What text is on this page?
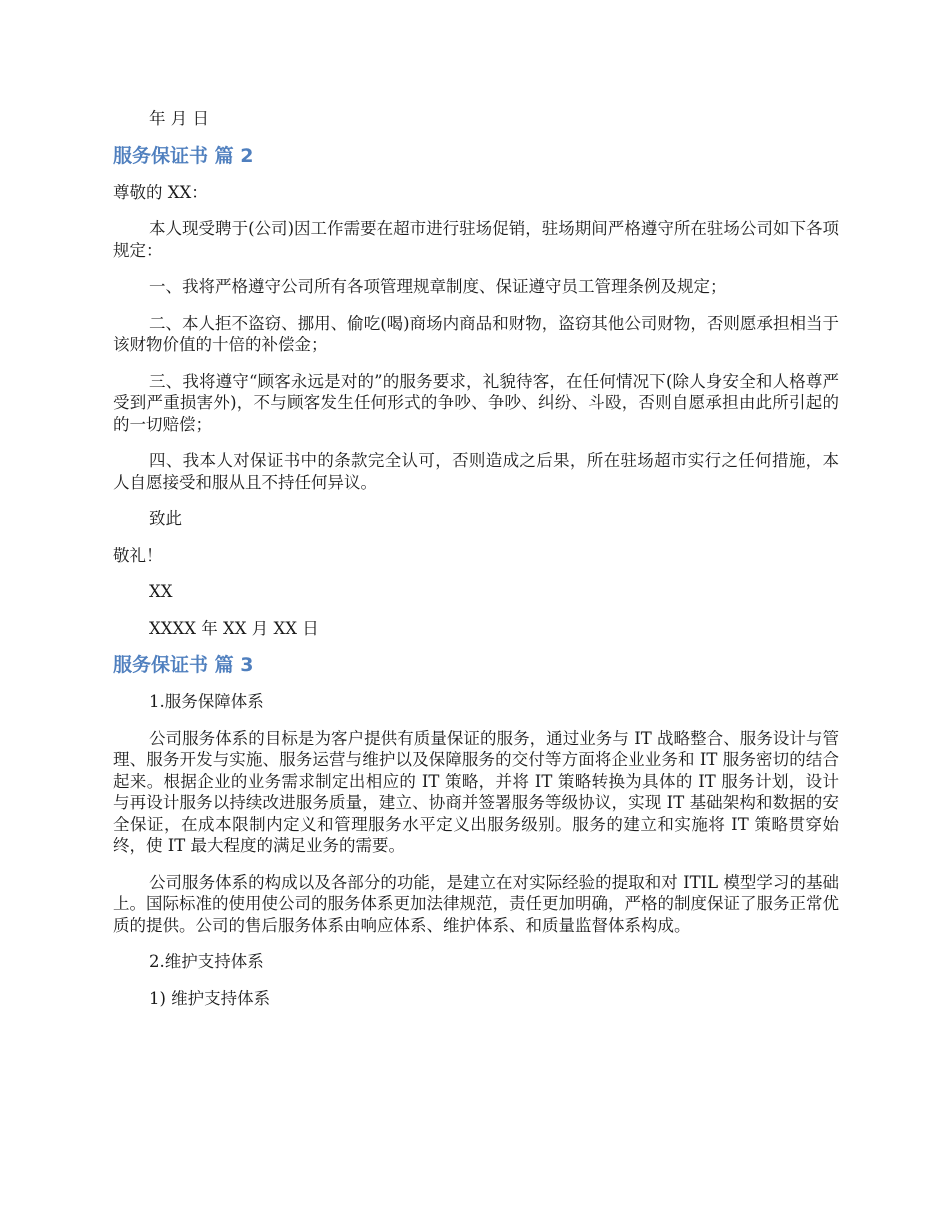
年 月 日

服务保证书 篇 2

尊敬的 XX：

本人现受聘于(公司)因工作需要在超市进行驻场促销，驻场期间严格遵守所在驻场公司如下各项规定：

一、我将严格遵守公司所有各项管理规章制度、保证遵守员工管理条例及规定；

二、本人拒不盗窃、挪用、偷吃(喝)商场内商品和财物，盗窃其他公司财物，否则愿承担相当于该财物价值的十倍的补偿金；

三、我将遵守“顾客永远是对的”的服务要求，礼貌待客，在任何情况下(除人身安全和人格尊严受到严重损害外)，不与顾客发生任何形式的争吵、争吵、纠纷、斗殴，否则自愿承担由此所引起的的一切赔偿；

四、我本人对保证书中的条款完全认可，否则造成之后果，所在驻场超市实行之任何措施，本人自愿接受和服从且不持任何异议。

致此

敬礼！

XX

XXXX 年 XX 月 XX 日

服务保证书 篇 3

1.服务保障体系

公司服务体系的目标是为客户提供有质量保证的服务，通过业务与 IT 战略整合、服务设计与管理、服务开发与实施、服务运营与维护以及保障服务的交付等方面将企业业务和 IT 服务密切的结合起来。根据企业的业务需求制定出相应的 IT 策略，并将 IT 策略转换为具体的 IT 服务计划，设计与再设计服务以持续改进服务质量，建立、协商并签署服务等级协议，实现 IT 基础架构和数据的安全保证，在成本限制内定义和管理服务水平定义出服务级别。服务的建立和实施将 IT 策略贯穿始终，使 IT 最大程度的满足业务的需要。

公司服务体系的构成以及各部分的功能，是建立在对实际经验的提取和对 ITIL 模型学习的基础上。国际标准的使用使公司的服务体系更加法律规范，责任更加明确，严格的制度保证了服务正常优质的提供。公司的售后服务体系由响应体系、维护体系、和质量监督体系构成。

2.维护支持体系

1) 维护支持体系
